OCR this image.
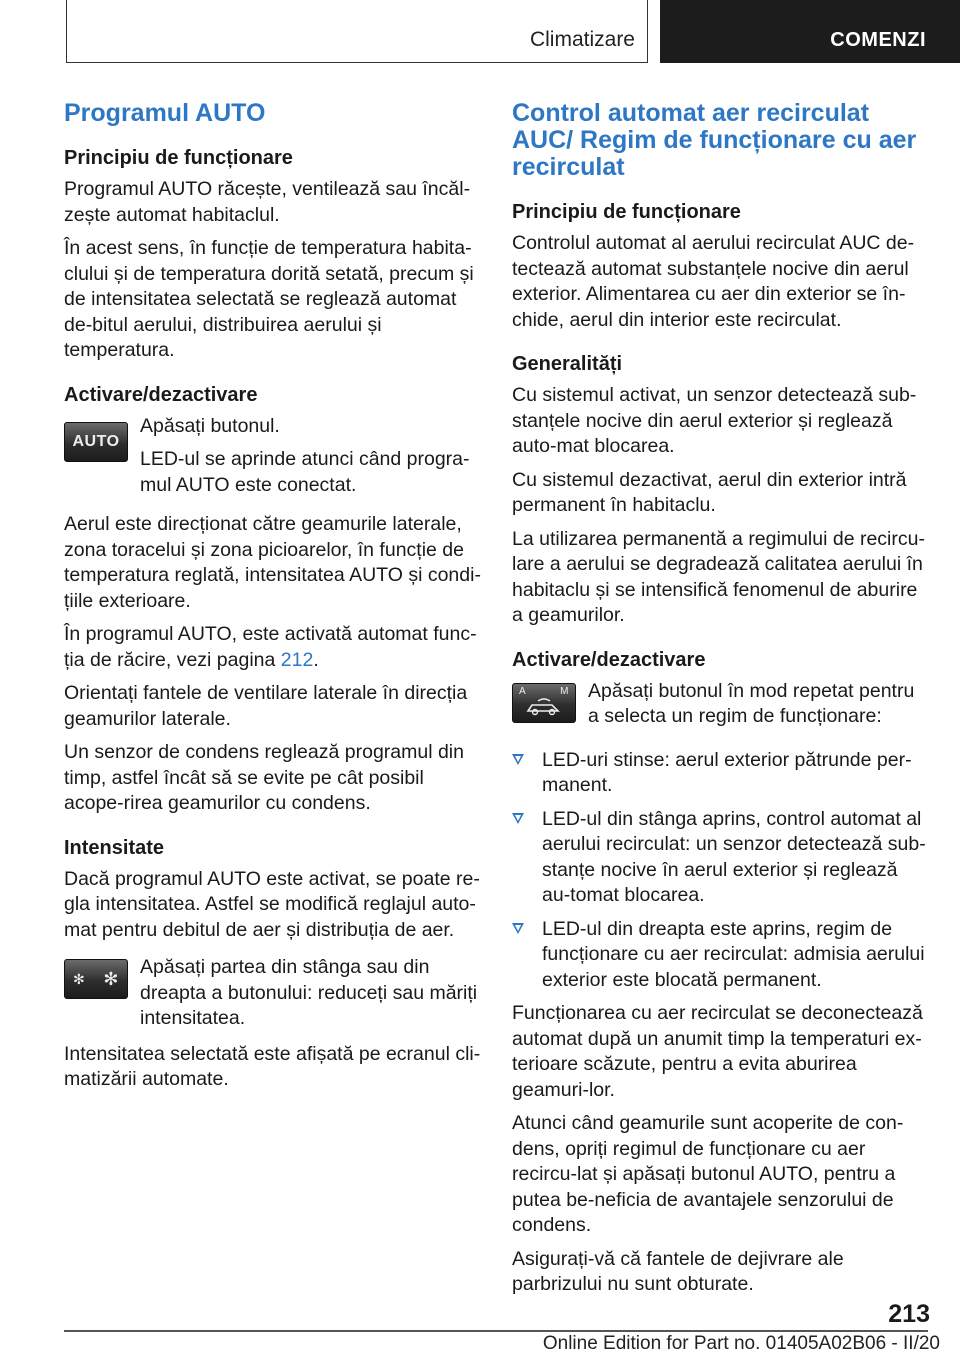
Climatizare	COMENZI
Programul AUTO
Principiu de funcționare

Programul AUTO răcește, ventilează sau încăl-zește automat habitaclul.

În acest sens, în funcție de temperatura habita-clului și de temperatura dorită setată, precum și de intensitatea selectată se reglează automat de-bitul aerului, distribuirea aerului și temperatura.

Activare/dezactivare
AUTO

Apăsați butonul.

LED-ul se aprinde atunci când progra-mul AUTO este conectat.

Aerul este direcționat către geamurile laterale, zona toracelui și zona picioarelor, în funcție de temperatura reglată, intensitatea AUTO și condi-țiile exterioare.

În programul AUTO, este activată automat func-ția de răcire, vezi pagina 212.

Orientați fantele de ventilare laterale în direcția geamurilor laterale.

Un senzor de condens reglează programul din timp, astfel încât să se evite pe cât posibil acope-rirea geamurilor cu condens.

Intensitate

Dacă programul AUTO este activat, se poate re-gla intensitatea. Astfel se modifică reglajul auto-mat pentru debitul de aer și distribuția de aer.

✻ ✻

Apăsați partea din stânga sau din dreapta a butonului: reduceți sau măriți intensitatea.

Intensitatea selectată este afișată pe ecranul cli-matizării automate.

Control automat aer recirculat AUC/ Regim de funcționare cu aer recirculat
Principiu de funcționare

Controlul automat al aerului recirculat AUC de-tectează automat substanțele nocive din aerul exterior. Alimentarea cu aer din exterior se în-chide, aerul din interior este recirculat.

Generalități

Cu sistemul activat, un senzor detectează sub-stanțele nocive din aerul exterior și reglează auto-mat blocarea.

Cu sistemul dezactivat, aerul din exterior intră permanent în habitaclu.

La utilizarea permanentă a regimului de recircu-lare a aerului se degradează calitatea aerului în habitaclu și se intensifică fenomenul de aburire a geamurilor.

Activare/dezactivare
A	M Apăsați butonul în mod repetat pentru a selecta un regim de funcționare:

LED-uri stinse: aerul exterior pătrunde per-manent.
LED-ul din stânga aprins, control automat al aerului recirculat: un senzor detectează sub-stanțe nocive în aerul exterior și reglează au-tomat blocarea.
LED-ul din dreapta este aprins, regim de funcționare cu aer recirculat: admisia aerului exterior este blocată permanent.

Funcționarea cu aer recirculat se deconectează automat după un anumit timp la temperaturi ex-terioare scăzute, pentru a evita aburirea geamuri-lor.

Atunci când geamurile sunt acoperite de con-dens, opriți regimul de funcționare cu aer recircu-lat și apăsați butonul AUTO, pentru a putea be-neficia de avantajele senzorului de condens.

Asigurați-vă că fantele de dejivrare ale parbrizului nu sunt obturate.

213
Online Edition for Part no. 01405A02B06 - II/20
